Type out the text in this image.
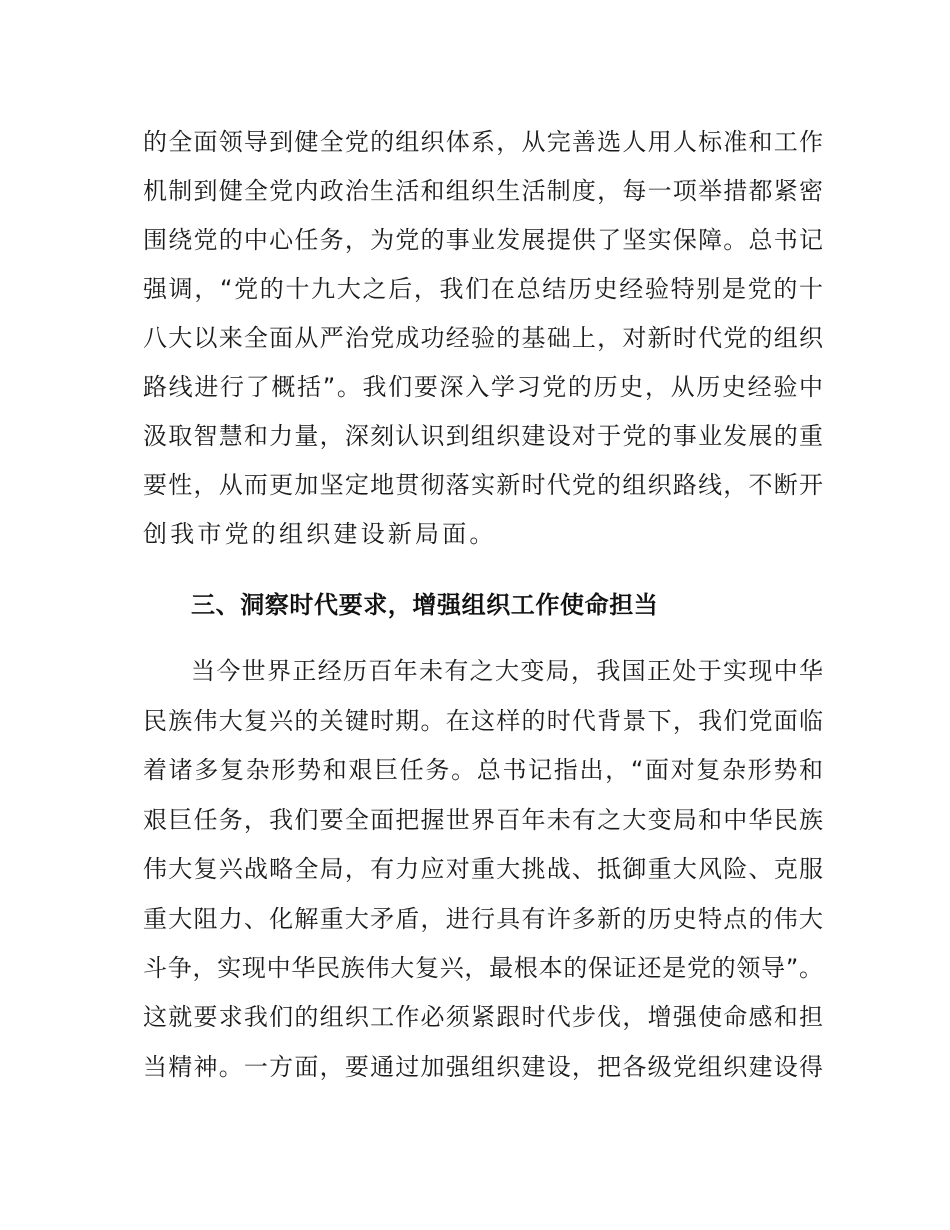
的全面领导到健全党的组织体系，从完善选人用人标准和工作
机制到健全党内政治生活和组织生活制度，每一项举措都紧密
围绕党的中心任务，为党的事业发展提供了坚实保障。总书记
强调，“党的十九大之后，我们在总结历史经验特别是党的十
八大以来全面从严治党成功经验的基础上，对新时代党的组织
路线进行了概括”。我们要深入学习党的历史，从历史经验中
汲取智慧和力量，深刻认识到组织建设对于党的事业发展的重
要性，从而更加坚定地贯彻落实新时代党的组织路线，不断开
创我市党的组织建设新局面。
三、洞察时代要求，增强组织工作使命担当
当今世界正经历百年未有之大变局，我国正处于实现中华
民族伟大复兴的关键时期。在这样的时代背景下，我们党面临
着诸多复杂形势和艰巨任务。总书记指出，“面对复杂形势和
艰巨任务，我们要全面把握世界百年未有之大变局和中华民族
伟大复兴战略全局，有力应对重大挑战、抵御重大风险、克服
重大阻力、化解重大矛盾，进行具有许多新的历史特点的伟大
斗争，实现中华民族伟大复兴，最根本的保证还是党的领导”。
这就要求我们的组织工作必须紧跟时代步伐，增强使命感和担
当精神。一方面，要通过加强组织建设，把各级党组织建设得
